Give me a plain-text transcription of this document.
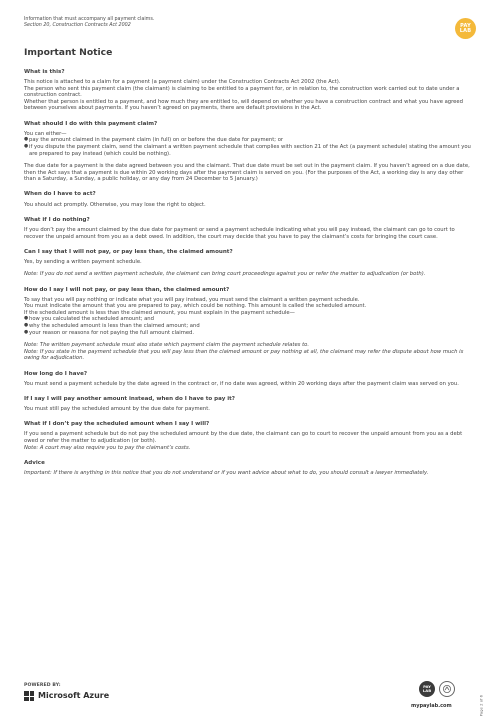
Information that must accompany all payment claims.
Section 20, Construction Contracts Act 2002	PAY LAB
Important Notice
What is this?

This notice is attached to a claim for a payment (a payment claim) under the Construction Contracts Act 2002 (the Act).

The person who sent this payment claim (the claimant) is claiming to be entitled to a payment for, or in relation to, the construction work carried out to date under a construction contract.

Whether that person is entitled to a payment, and how much they are entitled to, will depend on whether you have a construction contract and what you have agreed between yourselves about payments. If you haven’t agreed on payments, there are default provisions in the Act.

What should I do with this payment claim?

You can either—

● pay the amount claimed in the payment claim (in full) on or before the due date for payment; or
● if you dispute the payment claim, send the claimant a written payment schedule that complies with section 21 of the Act (a payment schedule) stating the amount you are prepared to pay instead (which could be nothing).

The due date for a payment is the date agreed between you and the claimant. That due date must be set out in the payment claim. If you haven’t agreed on a due date, then the Act says that a payment is due within 20 working days after the payment claim is served on you. (For the purposes of the Act, a working day is any day other than a Saturday, a Sunday, a public holiday, or any day from 24 December to 5 January.)

When do I have to act?

You should act promptly. Otherwise, you may lose the right to object.

What if I do nothing?

If you don’t pay the amount claimed by the due date for payment or send a payment schedule indicating what you will pay instead, the claimant can go to court to recover the unpaid amount from you as a debt owed. In addition, the court may decide that you have to pay the claimant’s costs for bringing the court case.

Can I say that I will not pay, or pay less than, the claimed amount?

Yes, by sending a written payment schedule.

Note: If you do not send a written payment schedule, the claimant can bring court proceedings against you or refer the matter to adjudication (or both).

How do I say I will not pay, or pay less than, the claimed amount?

To say that you will pay nothing or indicate what you will pay instead, you must send the claimant a written payment schedule.

You must indicate the amount that you are prepared to pay, which could be nothing. This amount is called the scheduled amount.

If the scheduled amount is less than the claimed amount, you must explain in the payment schedule—

● how you calculated the scheduled amount; and
● why the scheduled amount is less than the claimed amount; and
● your reason or reasons for not paying the full amount claimed.

Note: The written payment schedule must also state which payment claim the payment schedule relates to.

Note: If you state in the payment schedule that you will pay less than the claimed amount or pay nothing at all, the claimant may refer the dispute about how much is owing for adjudication.

How long do I have?

You must send a payment schedule by the date agreed in the contract or, if no date was agreed, within 20 working days after the payment claim was served on you.

If I say I will pay another amount instead, when do I have to pay it?

You must still pay the scheduled amount by the due date for payment.

What if I don’t pay the scheduled amount when I say I will?

If you send a payment schedule but do not pay the scheduled amount by the due date, the claimant can go to court to recover the unpaid amount from you as a debt owed or refer the matter to adjudication (or both).

Note: A court may also require you to pay the claimant’s costs.

Advice

Important: If there is anything in this notice that you do not understand or if you want advice about what to do, you should consult a lawyer immediately.

POWERED BY:
Microsoft Azure
PAY LAB
mypaylab.com	Page 2 of 6
